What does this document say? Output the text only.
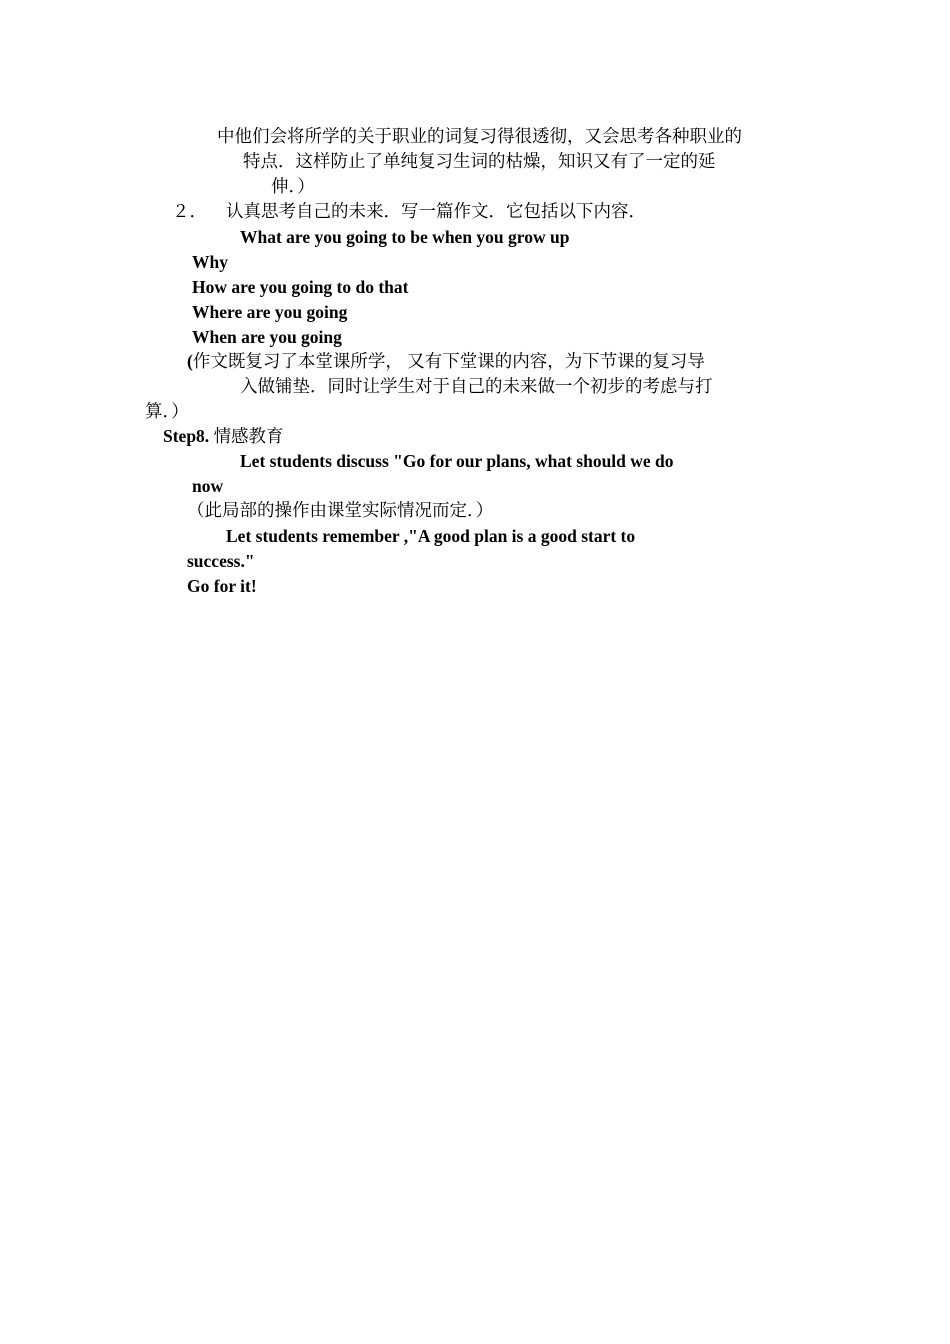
中他们会将所学的关于职业的词复习得很透彻，又会思考各种职业的
特点．这样防止了单纯复习生词的枯燥，知识又有了一定的延
伸．）
２． 认真思考自己的未来．写一篇作文．它包括以下内容．
What are you going to be when you grow up
Why
How are you going to do that
Where are you going
When are you going
(作文既复习了本堂课所学， 又有下堂课的内容，为下节课的复习导
入做铺垫．同时让学生对于自己的未来做一个初步的考虑与打
算．）
Step8. 情感教育
Let students discuss "Go for our plans, what should we do
now
（此局部的操作由课堂实际情况而定．）
Let students remember ,"A good plan is a good start to
success."
Go for it!
